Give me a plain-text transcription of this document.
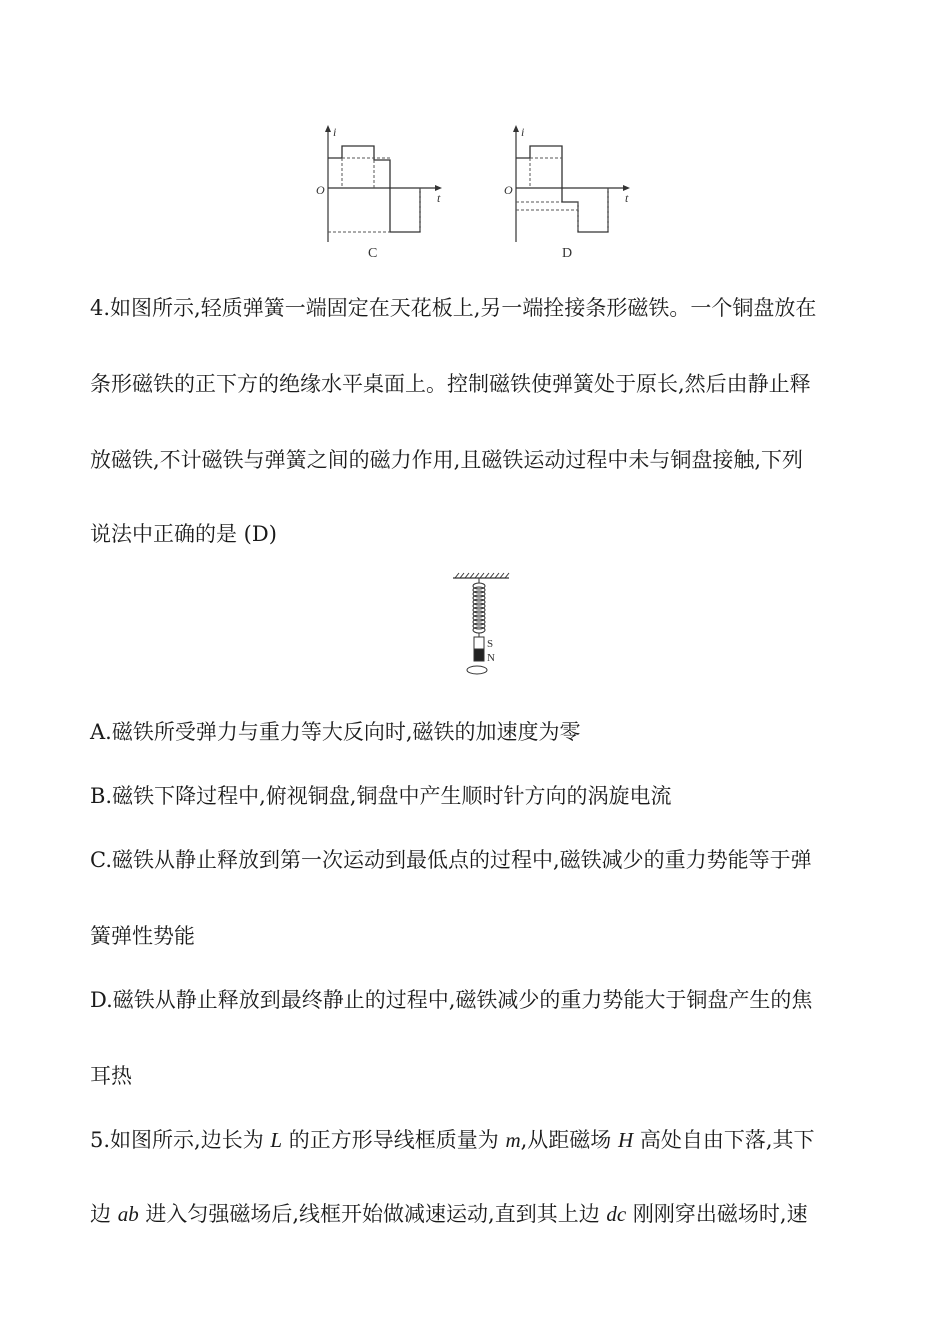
i
O
t
C
i
O
t
D
4.如图所示,轻质弹簧一端固定在天花板上,另一端拴接条形磁铁。一个铜盘放在
条形磁铁的正下方的绝缘水平桌面上。控制磁铁使弹簧处于原长,然后由静止释
放磁铁,不计磁铁与弹簧之间的磁力作用,且磁铁运动过程中未与铜盘接触,下列
说法中正确的是 (D)
S
N
A.磁铁所受弹力与重力等大反向时,磁铁的加速度为零
B.磁铁下降过程中,俯视铜盘,铜盘中产生顺时针方向的涡旋电流
C.磁铁从静止释放到第一次运动到最低点的过程中,磁铁减少的重力势能等于弹
簧弹性势能
D.磁铁从静止释放到最终静止的过程中,磁铁减少的重力势能大于铜盘产生的焦
耳热
5.如图所示,边长为 L 的正方形导线框质量为 m,从距磁场 H 高处自由下落,其下
边 ab 进入匀强磁场后,线框开始做减速运动,直到其上边 dc 刚刚穿出磁场时,速
